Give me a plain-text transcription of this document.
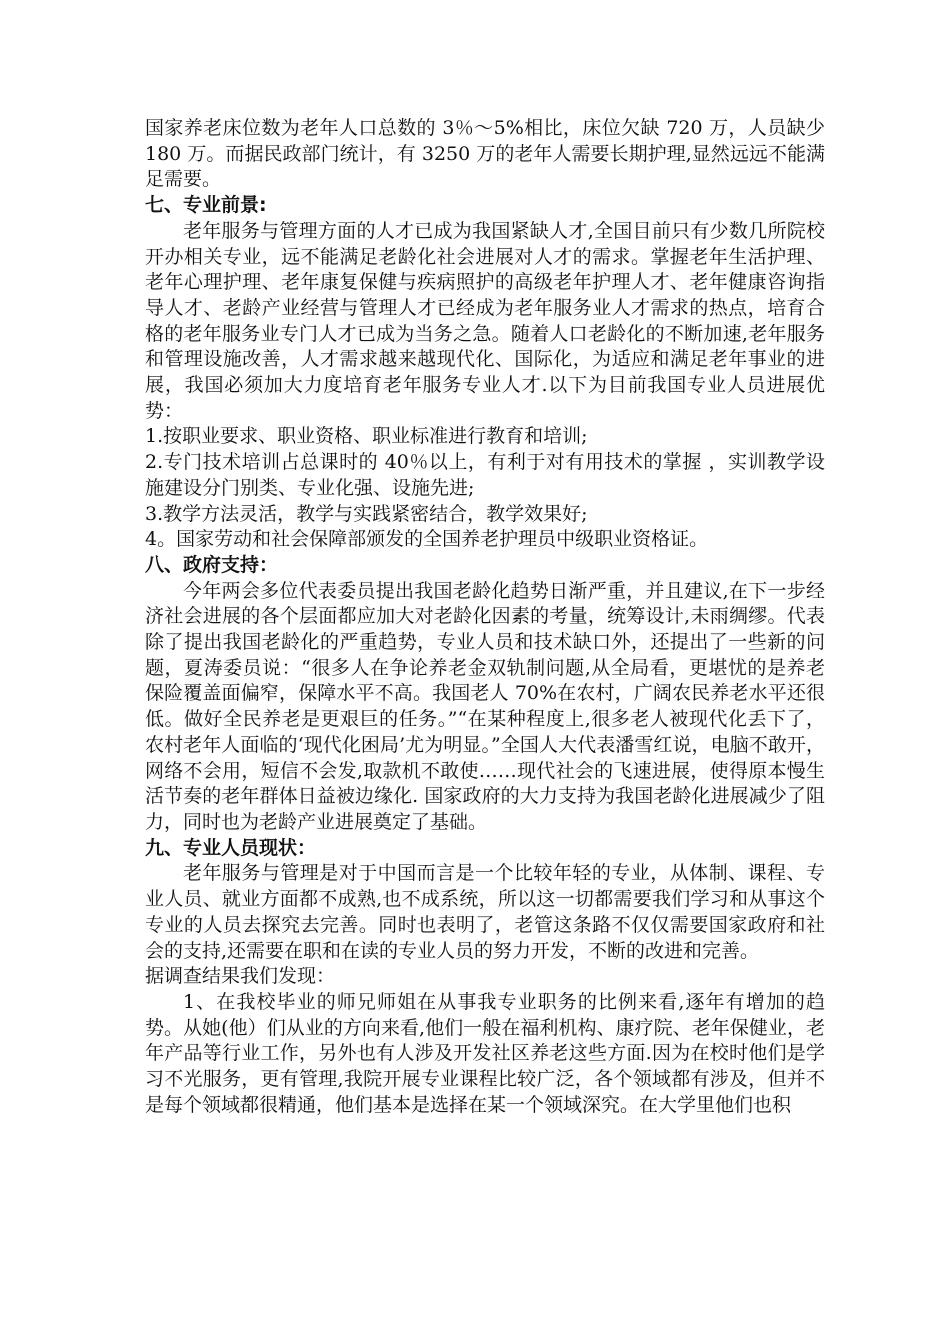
国家养老床位数为老年人口总数的 3％～5%相比，床位欠缺 720 万，人员缺少 180 万。而据民政部门统计，有 3250 万的老年人需要长期护理,显然远远不能满足需要。

七、专业前景:

老年服务与管理方面的人才已成为我国紧缺人才,全国目前只有少数几所院校开办相关专业，远不能满足老龄化社会进展对人才的需求。掌握老年生活护理、老年心理护理、老年康复保健与疾病照护的高级老年护理人才、老年健康咨询指导人才、老龄产业经营与管理人才已经成为老年服务业人才需求的热点，培育合格的老年服务业专门人才已成为当务之急。随着人口老龄化的不断加速,老年服务和管理设施改善，人才需求越来越现代化、国际化，为适应和满足老年事业的进展，我国必须加大力度培育老年服务专业人才.以下为目前我国专业人员进展优势：

1.按职业要求、职业资格、职业标准进行教育和培训;

2.专门技术培训占总课时的 40％以上，有利于对有用技术的掌握 ，实训教学设施建设分门别类、专业化强、设施先进;

3.教学方法灵活，教学与实践紧密结合，教学效果好;

4。国家劳动和社会保障部颁发的全国养老护理员中级职业资格证。

八、政府支持：

今年两会多位代表委员提出我国老龄化趋势日渐严重，并且建议,在下一步经济社会进展的各个层面都应加大对老龄化因素的考量，统筹设计,未雨绸缪。代表除了提出我国老龄化的严重趋势，专业人员和技术缺口外，还提出了一些新的问题，夏涛委员说：“很多人在争论养老金双轨制问题,从全局看，更堪忧的是养老保险覆盖面偏窄，保障水平不高。我国老人 70%在农村，广阔农民养老水平还很低。做好全民养老是更艰巨的任务。”“在某种程度上,很多老人被现代化丢下了，农村老年人面临的‘现代化困局’尤为明显。”全国人大代表潘雪红说，电脑不敢开，网络不会用，短信不会发,取款机不敢使……现代社会的飞速进展，使得原本慢生活节奏的老年群体日益被边缘化. 国家政府的大力支持为我国老龄化进展减少了阻力，同时也为老龄产业进展奠定了基础。

九、专业人员现状：

老年服务与管理是对于中国而言是一个比较年轻的专业，从体制、课程、专业人员、就业方面都不成熟,也不成系统，所以这一切都需要我们学习和从事这个专业的人员去探究去完善。同时也表明了，老管这条路不仅仅需要国家政府和社会的支持,还需要在职和在读的专业人员的努力开发，不断的改进和完善。

据调查结果我们发现：

1、在我校毕业的师兄师姐在从事我专业职务的比例来看,逐年有增加的趋势。从她(他）们从业的方向来看,他们一般在福利机构、康疗院、老年保健业，老年产品等行业工作，另外也有人涉及开发社区养老这些方面.因为在校时他们是学习不光服务，更有管理,我院开展专业课程比较广泛，各个领域都有涉及，但并不是每个领域都很精通，他们基本是选择在某一个领域深究。在大学里他们也积
